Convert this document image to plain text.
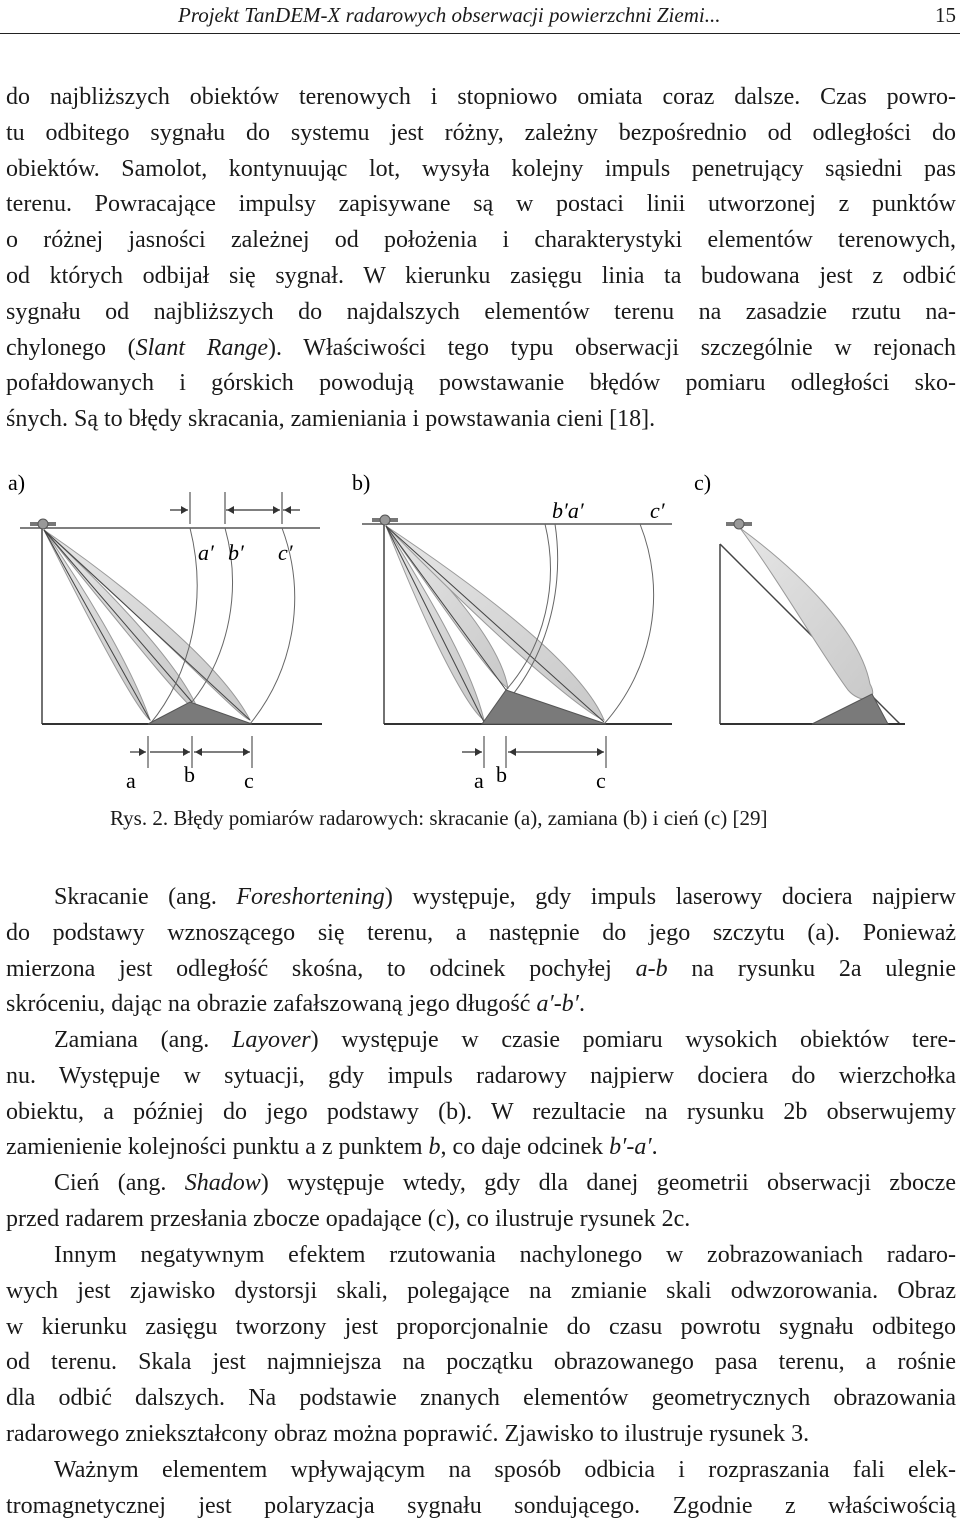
Projekt TanDEM-X radarowych obserwacji powierzchni Ziemi...	15
do najbliższych obiektów terenowych i stopniowo omiata coraz dalsze. Czas powro-
tu odbitego sygnału do systemu jest różny, zależny bezpośrednio od odległości do
obiektów. Samolot, kontynuując lot, wysyła kolejny impuls penetrujący sąsiedni pas
terenu. Powracające impulsy zapisywane są w postaci linii utworzonej z punktów
o różnej jasności zależnej od położenia i charakterystyki elementów terenowych,
od których odbijał się sygnał. W kierunku zasięgu linia ta budowana jest z odbić
sygnału od najbliższych do najdalszych elementów terenu na zasadzie rzutu na-
chylonego (Slant Range). Właściwości tego typu obserwacji szczególnie w rejonach
pofałdowanych i górskich powodują powstawanie błędów pomiaru odległości sko-
śnych. Są to błędy skracania, zamieniania i powstawania cieni [18].
a)	b)	c)
a′ b′ c′
a b c
b′a′	c′
a b	c
Rys. 2. Błędy pomiarów radarowych: skracanie (a), zamiana (b) i cień (c) [29]
Skracanie (ang. Foreshortening) występuje, gdy impuls laserowy dociera najpierw
do podstawy wznoszącego się terenu, a następnie do jego szczytu (a). Ponieważ
mierzona jest odległość skośna, to odcinek pochyłej a-b na rysunku 2a ulegnie
skróceniu, dając na obrazie zafałszowaną jego długość a′-b′.
Zamiana (ang. Layover) występuje w czasie pomiaru wysokich obiektów tere-
nu. Występuje w sytuacji, gdy impuls radarowy najpierw dociera do wierzchołka
obiektu, a później do jego podstawy (b). W rezultacie na rysunku 2b obserwujemy
zamienienie kolejności punktu a z punktem b, co daje odcinek b′-a′.
Cień (ang. Shadow) występuje wtedy, gdy dla danej geometrii obserwacji zbocze
przed radarem przesłania zbocze opadające (c), co ilustruje rysunek 2c.
Innym negatywnym efektem rzutowania nachylonego w zobrazowaniach radaro-
wych jest zjawisko dystorsji skali, polegające na zmianie skali odwzorowania. Obraz
w kierunku zasięgu tworzony jest proporcjonalnie do czasu powrotu sygnału odbitego
od terenu. Skala jest najmniejsza na początku obrazowanego pasa terenu, a rośnie
dla odbić dalszych. Na podstawie znanych elementów geometrycznych obrazowania
radarowego zniekształcony obraz można poprawić. Zjawisko to ilustruje rysunek 3.
Ważnym elementem wpływającym na sposób odbicia i rozpraszania fali elek-
tromagnetycznej jest polaryzacja sygnału sondującego. Zgodnie z właściwością
